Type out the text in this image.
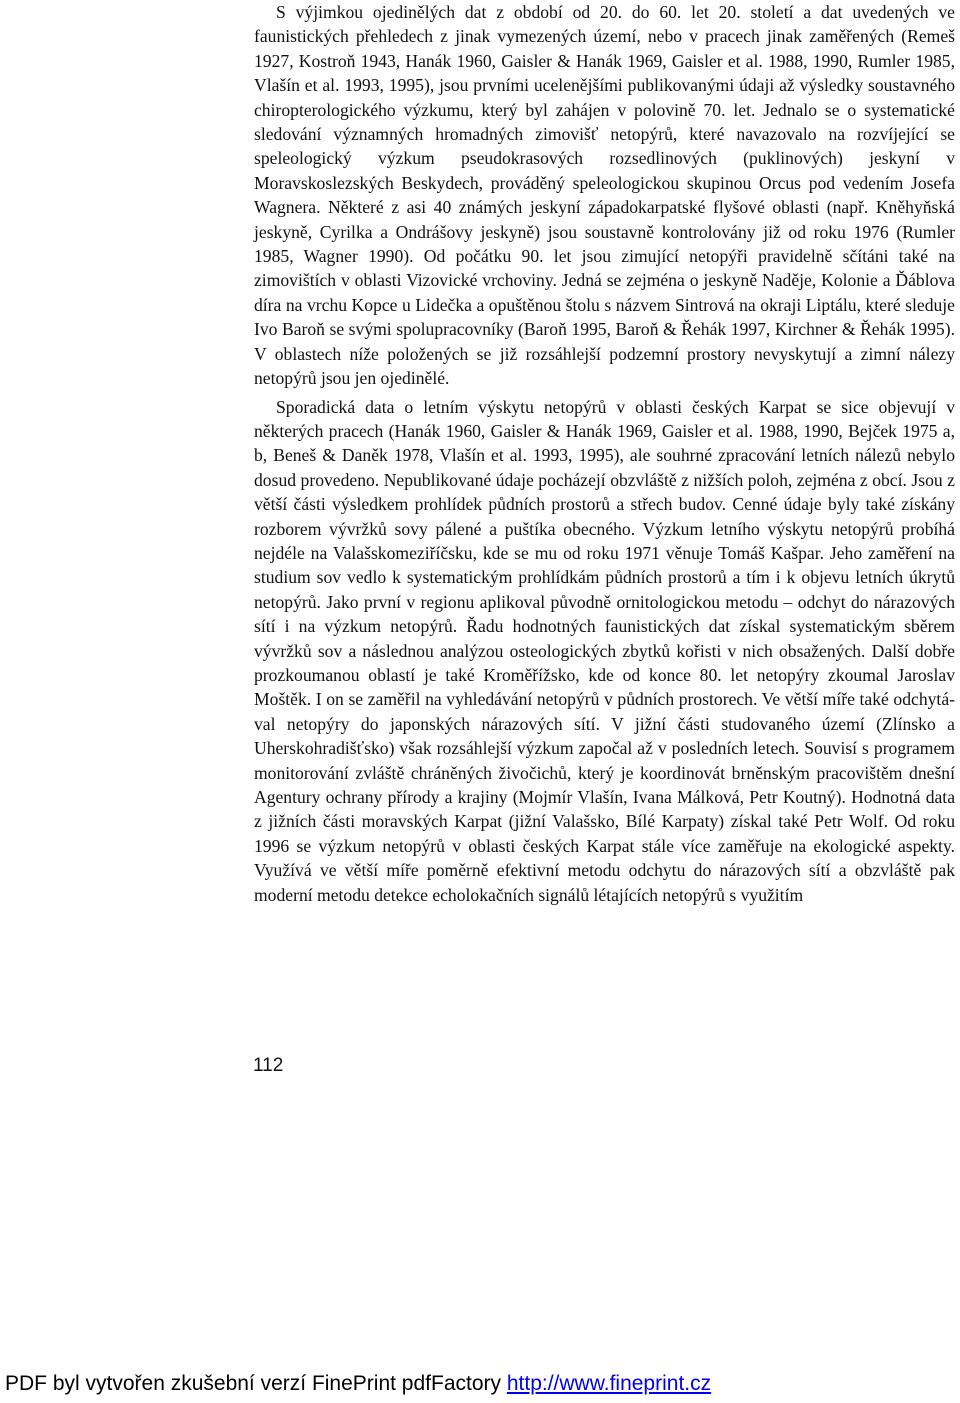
S výjimkou ojedinělých dat z období od 20. do 60. let 20. století a dat uvedených ve faunistických přehledech z jinak vymezených území, nebo v pracech jinak zaměřených (Remeš 1927, Kostroň 1943, Hanák 1960, Gaisler & Hanák 1969, Gaisler et al. 1988, 1990, Rumler 1985, Vlašín et al. 1993, 1995), jsou prvními ucelenějšími publikovanými údaji až výsledky soustavného chiropterologického výzkumu, který byl zahájen v polovině 70. let. Jednalo se o systematické sledování významných hromadných zimovišť netopýrů, které navazovalo na rozvíjející se speleologický výzkum pseudokrasových rozsedlinových (puklinových) jeskyní v Moravskoslezských Beskydech, prováděný speleologickou skupinou Orcus pod vedením Josefa Wagnera. Některé z asi 40 známých jeskyní západokarpatské flyšové oblasti (např. Kněhyňská jeskyně, Cyrilka a Ondrášovy jeskyně) jsou soustavně kontrolovány již od roku 1976 (Rumler 1985, Wagner 1990). Od počátku 90. let jsou zimující netopýři pravidelně sčítáni také na zimovištích v oblasti Vizovické vrchoviny. Jedná se zejména o jeskyně Naděje, Kolonie a Ďáblova díra na vrchu Kopce u Lidečka a opuštěnou štolu s názvem Sintrová na okraji Liptálu, které sleduje Ivo Baroň se svými spolupracovníky (Baroň 1995, Baroň & Řehák 1997, Kirchner & Řehák 1995). V oblastech níže položených se již rozsáhlejší podzemní prostory nevyskytují a zimní nálezy netopýrů jsou jen ojedinělé.

Sporadická data o letním výskytu netopýrů v oblasti českých Karpat se sice objevují v některých pracech (Hanák 1960, Gaisler & Hanák 1969, Gaisler et al. 1988, 1990, Bejček 1975 a, b, Beneš & Daněk 1978, Vlašín et al. 1993, 1995), ale souhrné zpracování letních nálezů nebylo dosud provedeno. Nepublikované údaje pocházejí obzvláště z nižších poloh, zejména z obcí. Jsou z větší části výsledkem prohlídek půdních prostorů a střech budov. Cenné údaje byly také získány rozborem vývržků sovy pálené a puštíka obecného. Výzkum letního výskytu netopýrů probíhá nejdéle na Valašskomeziříčsku, kde se mu od roku 1971 věnuje Tomáš Kašpar. Jeho zaměření na studium sov vedlo k systematickým prohlídkám půdních prostorů a tím i k objevu letních úkrytů netopýrů. Jako první v regionu aplikoval původně ornitologickou metodu – odchyt do nárazových sítí i na výzkum netopýrů. Řadu hodnotných faunistických dat získal systematickým sběrem vývržků sov a následnou analýzou osteologických zbytků kořisti v nich obsažených. Další dobře prozkoumanou oblastí je také Kroměřížsko, kde od konce 80. let netopýry zkoumal Jaroslav Moštěk. I on se zaměřil na vyhledávání netopýrů v půdních prostorech. Ve větší míře také odchytával netopýry do japonských nárazových sítí. V jižní části studovaného území (Zlínsko a Uherskohradišťsko) však rozsáhlejší výzkum započal až v posledních letech. Souvisí s programem monitorování zvláště chráněných živočichů, který je koordinovát brněnským pracovištěm dnešní Agentury ochrany přírody a krajiny (Mojmír Vlašín, Ivana Málková, Petr Koutný). Hodnotná data z jižních části moravských Karpat (jižní Valašsko, Bílé Karpaty) získal také Petr Wolf. Od roku 1996 se výzkum netopýrů v oblasti českých Karpat stále více zaměřuje na ekologické aspekty. Využívá ve větší míře poměrně efektivní metodu odchytu do nárazových sítí a obzvláště pak moderní metodu detekce echolokačních signálů létajících netopýrů s využitím

112
PDF byl vytvořen zkušební verzí FinePrint pdfFactory http://www.fineprint.cz
